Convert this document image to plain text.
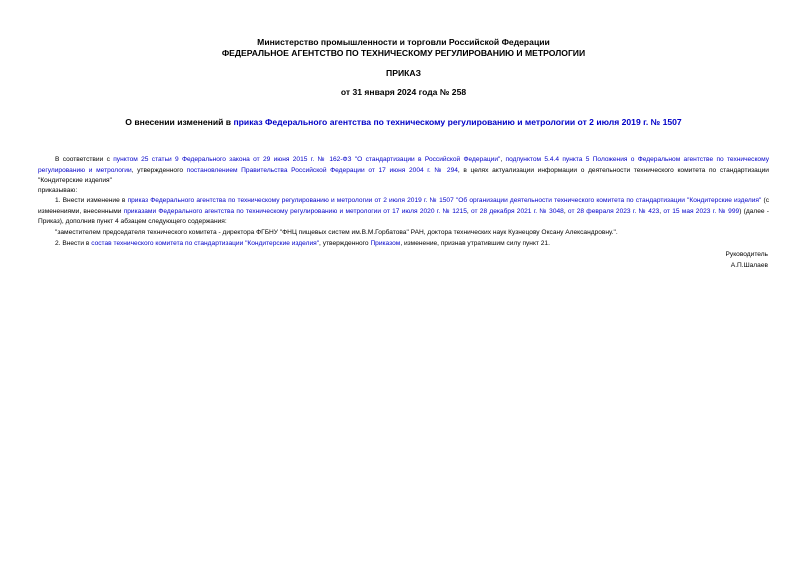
Министерство промышленности и торговли Российской Федерации
ФЕДЕРАЛЬНОЕ АГЕНТСТВО ПО ТЕХНИЧЕСКОМУ РЕГУЛИРОВАНИЮ И МЕТРОЛОГИИ
ПРИКАЗ
от 31 января 2024 года № 258
О внесении изменений в приказ Федерального агентства по техническому регулированию и метрологии от 2 июля 2019 г. № 1507
В соответствии с пунктом 25 статьи 9 Федерального закона от 29 июня 2015 г. № 162-ФЗ "О стандартизации в Российской Федерации", подпунктом 5.4.4 пункта 5 Положения о Федеральном агентстве по техническому регулированию и метрологии, утвержденного постановлением Правительства Российской Федерации от 17 июня 2004 г. № 294, в целях актуализации информации о деятельности технического комитета по стандартизации "Кондитерские изделия"
приказываю:
1. Внести изменение в приказ Федерального агентства по техническому регулированию и метрологии от 2 июля 2019 г. № 1507 "Об организации деятельности технического комитета по стандартизации "Кондитерские изделия" (с изменениями, внесенными приказами Федерального агентства по техническому регулированию и метрологии от 17 июля 2020 г. № 1215, от 28 декабря 2021 г. № 3048, от 28 февраля 2023 г. № 423, от 15 мая 2023 г. № 999) (далее - Приказ), дополнив пункт 4 абзацем следующего содержания:
"заместителем председателя технического комитета - директора ФГБНУ "ФНЦ пищевых систем им.В.М.Горбатова" РАН, доктора технических наук Кузнецову Оксану Александровну.".
2. Внести в состав технического комитета по стандартизации "Кондитерские изделия", утвержденного Приказом, изменение, признав утратившим силу пункт 21.
Руководитель
А.П.Шалаев
